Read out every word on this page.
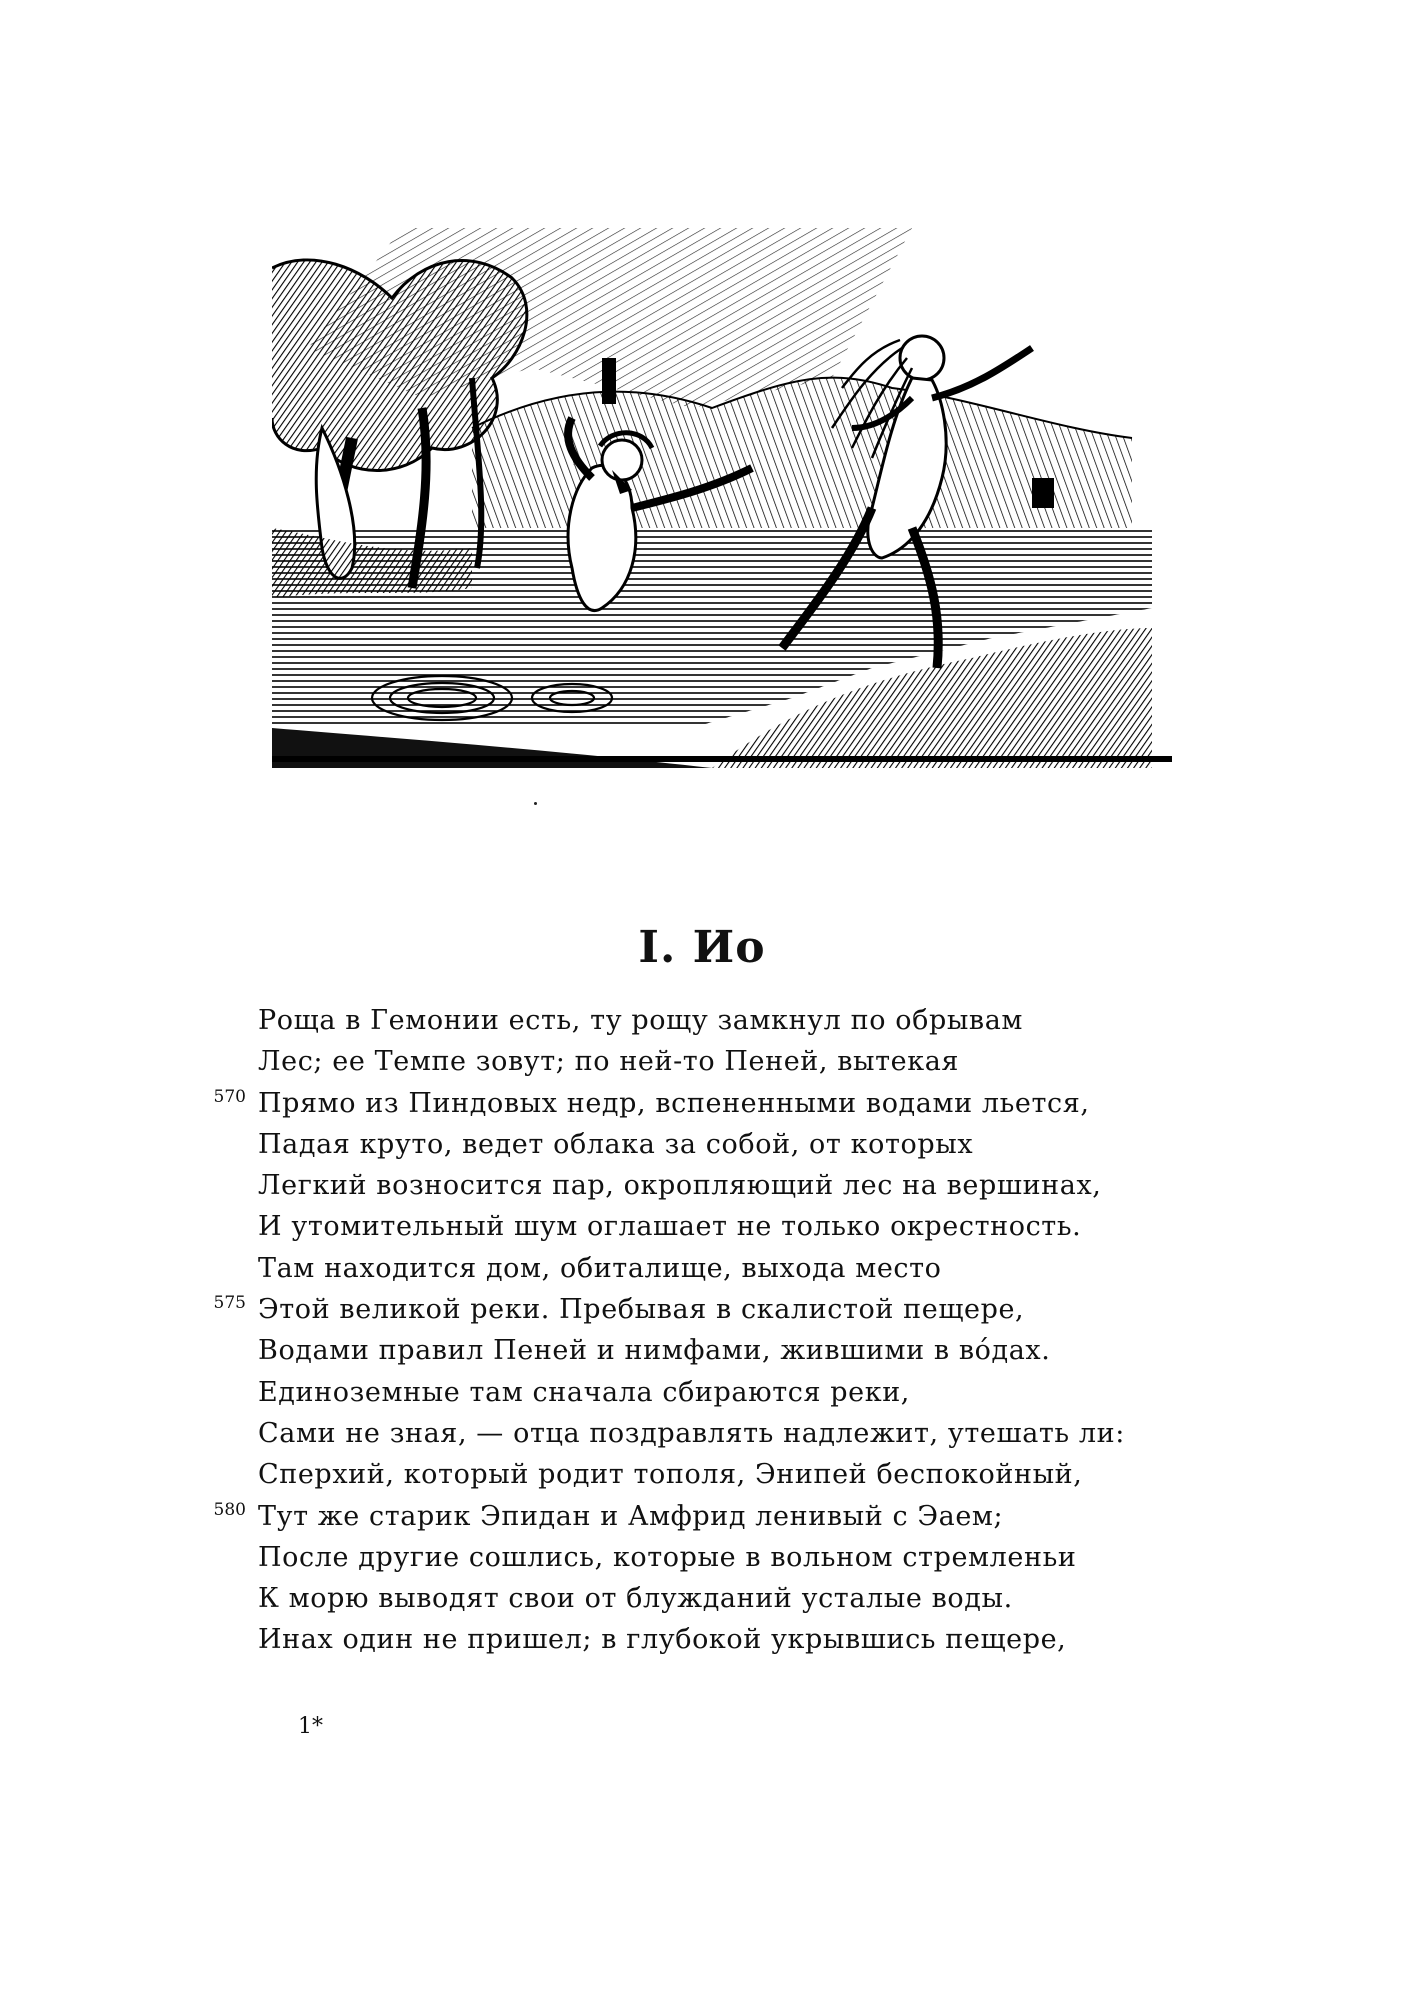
I. Ио
Роща в Гемонии есть, ту рощу замкнул по обрывам
Лес; ее Темпе зовут; по ней-то Пеней, вытекая
570 Прямо из Пиндовых недр, вспененными водами льется,
Падая круто, ведет облака за собой, от которых
Легкий возносится пар, окропляющий лес на вершинах,
И утомительный шум оглашает не только окрестность.
Там находится дом, обиталище, выхода место
575 Этой великой реки. Пребывая в скалистой пещере,
Водами правил Пеней и нимфами, жившими в во́дах.
Единоземные там сначала сбираются реки,
Сами не зная, — отца поздравлять надлежит, утешать ли:
Сперхий, который родит тополя, Энипей беспокойный,
580 Тут же старик Эпидан и Амфрид ленивый с Эаем;
После другие сошлись, которые в вольном стремленьи
К морю выводят свои от блужданий усталые воды.
Инах один не пришел; в глубокой укрывшись пещере,
1*
